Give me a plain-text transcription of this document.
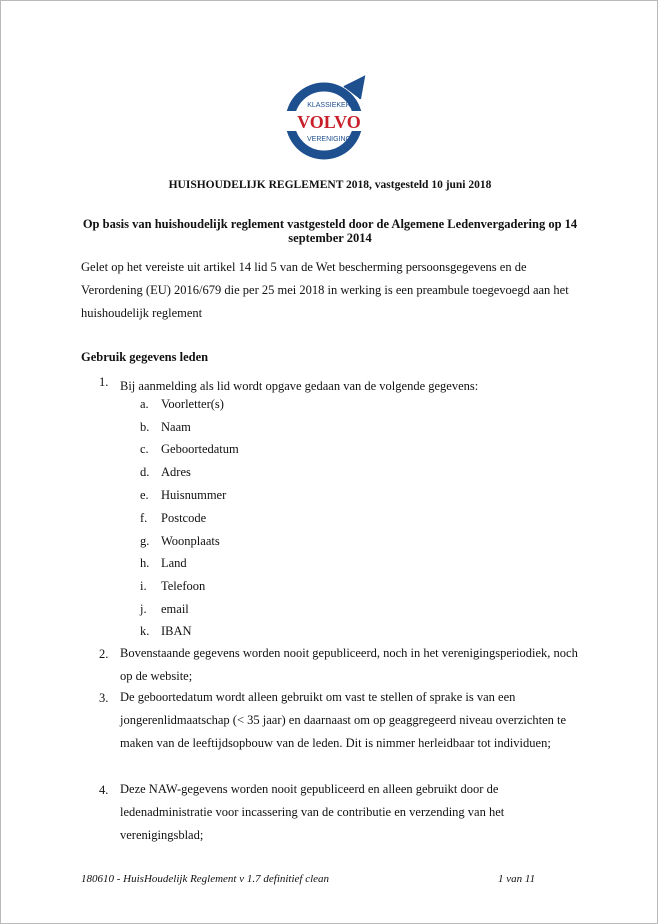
VOLVO
KLASSIEKER
VERENIGING
HUISHOUDELIJK REGLEMENT 2018, vastgesteld 10 juni 2018
Op basis van huishoudelijk reglement vastgesteld door de Algemene Ledenvergadering op 14 september 2014
Gelet op het vereiste uit artikel 14 lid 5 van de Wet bescherming persoonsgegevens en de Verordening (EU) 2016/679 die per 25 mei 2018 in werking is een preambule toegevoegd aan het huishoudelijk reglement
Gebruik gegevens leden
1. Bij aanmelding als lid wordt opgave gedaan van de volgende gegevens:
a. Voorletter(s)
b. Naam
c. Geboortedatum
d. Adres
e. Huisnummer
f. Postcode
g. Woonplaats
h. Land
i. Telefoon
j. email
k. IBAN
2. Bovenstaande gegevens worden nooit gepubliceerd, noch in het verenigingsperiodiek, noch op de website;
3. De geboortedatum wordt alleen gebruikt om vast te stellen of sprake is van een jongerenlidmaatschap (< 35 jaar) en daarnaast om op geaggregeerd niveau overzichten te maken van de leeftijdsopbouw van de leden. Dit is nimmer herleidbaar tot individuen;
4. Deze NAW-gegevens worden nooit gepubliceerd en alleen gebruikt door de ledenadministratie voor incassering van de contributie en verzending van het verenigingsblad;
180610 - HuisHoudelijk Reglement v 1.7 definitief clean	1 van 11
